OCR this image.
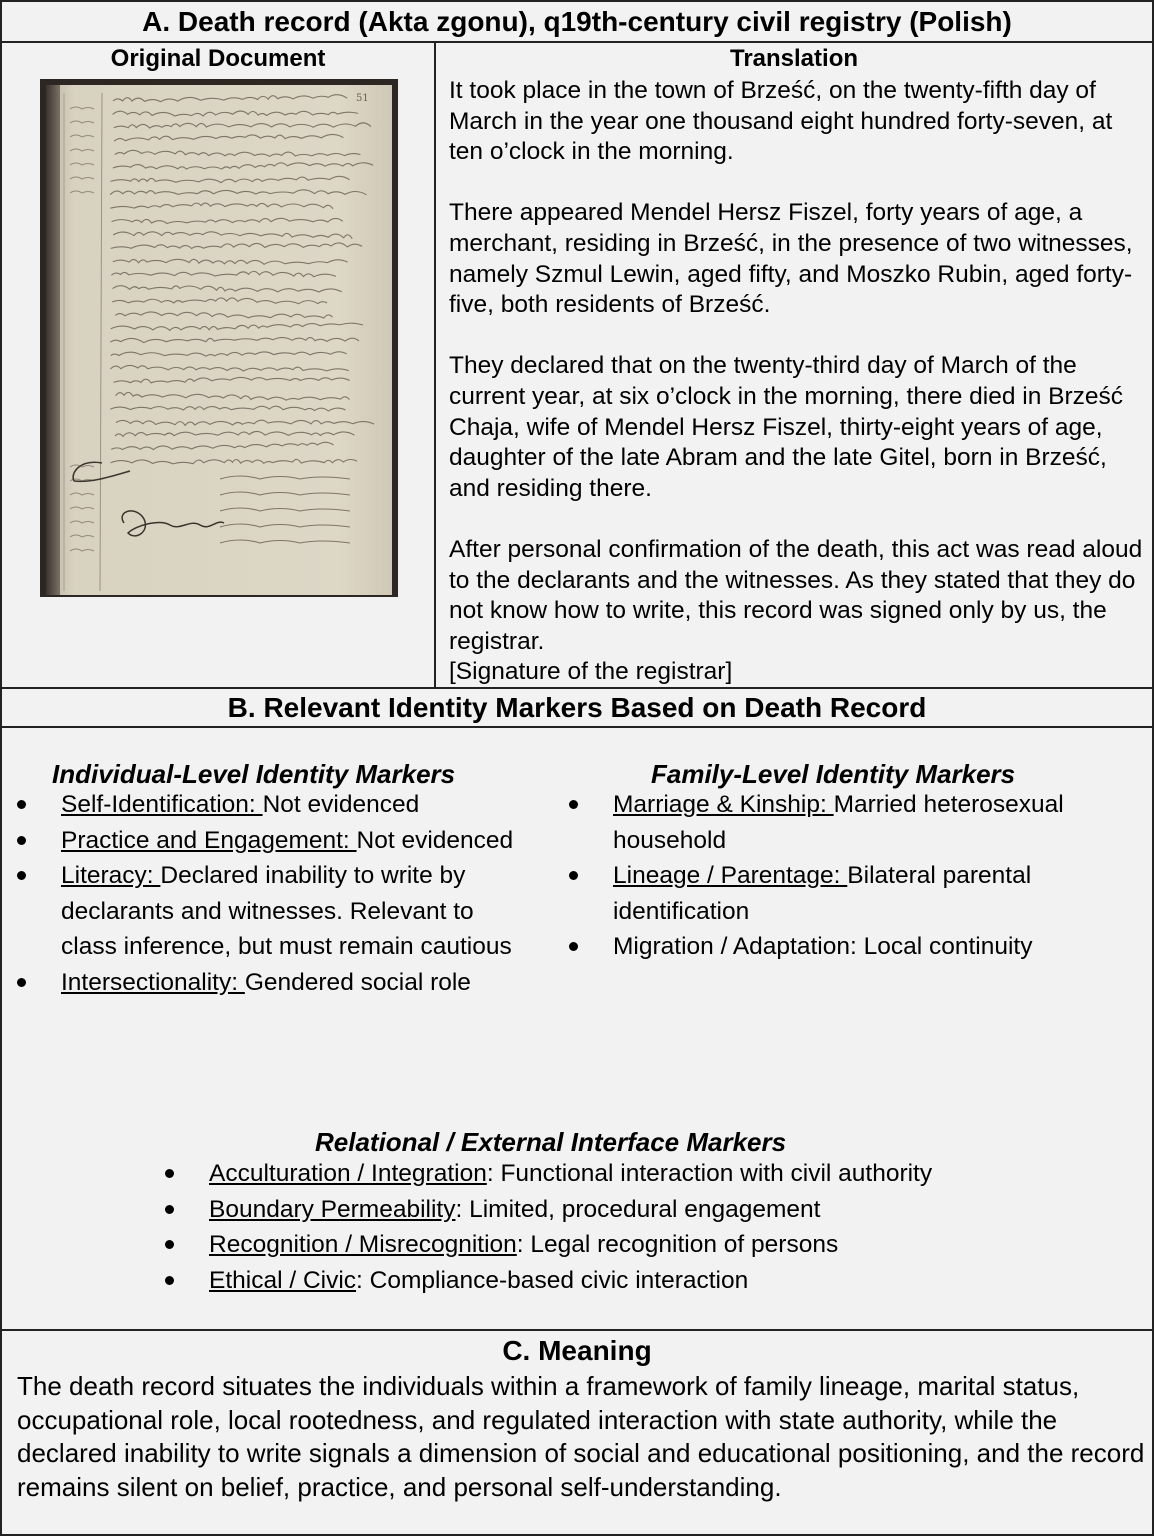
A. Death record (Akta zgonu), q19th-century civil registry (Polish)
Original Document	Translation
51	It took place in the town of Brześć, on the twenty-fifth day of March in the year one thousand eight hundred forty-seven, at ten o’clock in the morning.

There appeared Mendel Hersz Fiszel, forty years of age, a merchant, residing in Brześć, in the presence of two witnesses, namely Szmul Lewin, aged fifty, and Moszko Rubin, aged forty-five, both residents of Brześć.

They declared that on the twenty-third day of March of the current year, at six o’clock in the morning, there died in Brześć Chaja, wife of Mendel Hersz Fiszel, thirty-eight years of age, daughter of the late Abram and the late Gitel, born in Brześć, and residing there.

After personal confirmation of the death, this act was read aloud to the declarants and the witnesses. As they stated that they do not know how to write, this record was signed only by us, the registrar.

[Signature of the registrar]
B. Relevant Identity Markers Based on Death Record
Individual-Level Identity Markers
Self-Identification: Not evidenced
Practice and Engagement: Not evidenced
Literacy: Declared inability to write by declarants and witnesses. Relevant to class inference, but must remain cautious
Intersectionality: Gendered social role
Family-Level Identity Markers
Marriage & Kinship: Married heterosexual household
Lineage / Parentage: Bilateral parental identification
Migration / Adaptation: Local continuity
Relational / External Interface Markers
Acculturation / Integration: Functional interaction with civil authority
Boundary Permeability: Limited, procedural engagement
Recognition / Misrecognition: Legal recognition of persons
Ethical / Civic: Compliance-based civic interaction
C. Meaning
The death record situates the individuals within a framework of family lineage, marital status, occupational role, local rootedness, and regulated interaction with state authority, while the declared inability to write signals a dimension of social and educational positioning, and the record remains silent on belief, practice, and personal self-understanding.
